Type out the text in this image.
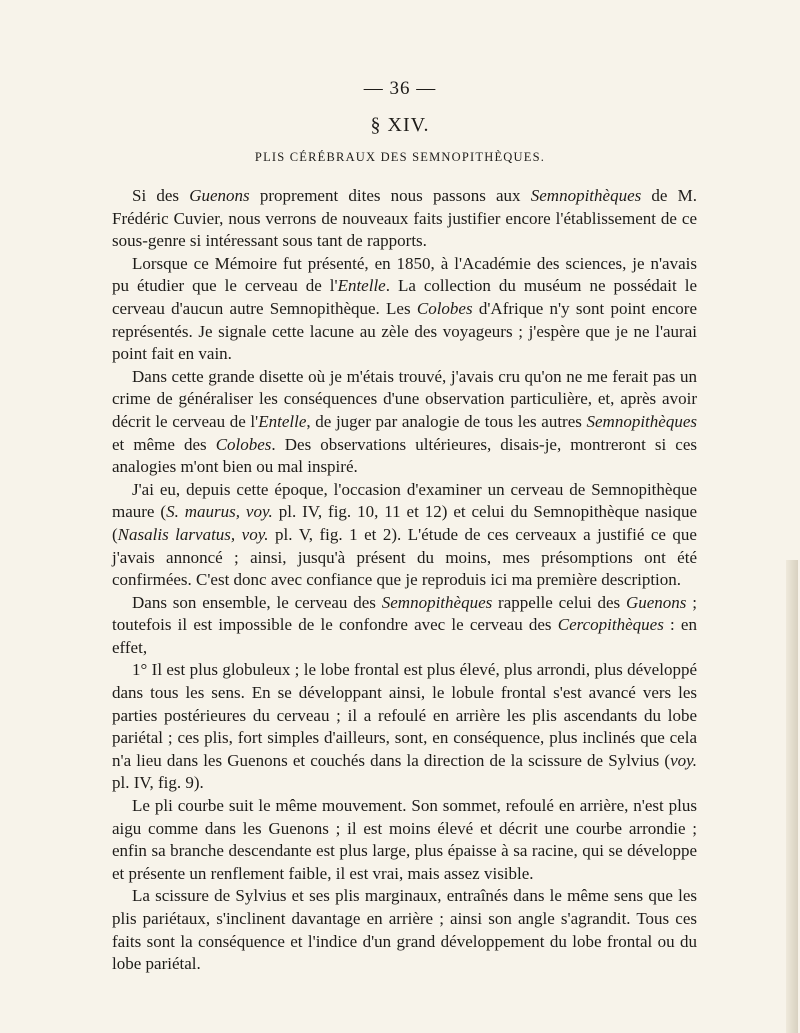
— 36 —
§ XIV.
PLIS CÉRÉBRAUX DES SEMNOPITHÈQUES.

Si des Guenons proprement dites nous passons aux Semnopithèques de M. Frédéric Cuvier, nous verrons de nouveaux faits justifier encore l'établissement de ce sous-genre si intéressant sous tant de rapports.

Lorsque ce Mémoire fut présenté, en 1850, à l'Académie des sciences, je n'avais pu étudier que le cerveau de l'Entelle. La collection du muséum ne possédait le cerveau d'aucun autre Semnopithèque. Les Colobes d'Afrique n'y sont point encore représentés. Je signale cette lacune au zèle des voyageurs ; j'espère que je ne l'aurai point fait en vain.

Dans cette grande disette où je m'étais trouvé, j'avais cru qu'on ne me ferait pas un crime de généraliser les conséquences d'une observation particulière, et, après avoir décrit le cerveau de l'Entelle, de juger par analogie de tous les autres Semnopithèques et même des Colobes. Des observations ultérieures, disais-je, montreront si ces analogies m'ont bien ou mal inspiré.

J'ai eu, depuis cette époque, l'occasion d'examiner un cerveau de Semnopithèque maure (S. maurus, voy. pl. IV, fig. 10, 11 et 12) et celui du Semnopithèque nasique (Nasalis larvatus, voy. pl. V, fig. 1 et 2). L'étude de ces cerveaux a justifié ce que j'avais annoncé ; ainsi, jusqu'à présent du moins, mes présomptions ont été confirmées. C'est donc avec confiance que je reproduis ici ma première description.

Dans son ensemble, le cerveau des Semnopithèques rappelle celui des Guenons ; toutefois il est impossible de le confondre avec le cerveau des Cercopithèques : en effet,

1° Il est plus globuleux ; le lobe frontal est plus élevé, plus arrondi, plus développé dans tous les sens. En se développant ainsi, le lobule frontal s'est avancé vers les parties postérieures du cerveau ; il a refoulé en arrière les plis ascendants du lobe pariétal ; ces plis, fort simples d'ailleurs, sont, en conséquence, plus inclinés que cela n'a lieu dans les Guenons et couchés dans la direction de la scissure de Sylvius (voy. pl. IV, fig. 9).

Le pli courbe suit le même mouvement. Son sommet, refoulé en arrière, n'est plus aigu comme dans les Guenons ; il est moins élevé et décrit une courbe arrondie ; enfin sa branche descendante est plus large, plus épaisse à sa racine, qui se développe et présente un renflement faible, il est vrai, mais assez visible.

La scissure de Sylvius et ses plis marginaux, entraînés dans le même sens que les plis pariétaux, s'inclinent davantage en arrière ; ainsi son angle s'agrandit. Tous ces faits sont la conséquence et l'indice d'un grand développement du lobe frontal ou du lobe pariétal.
